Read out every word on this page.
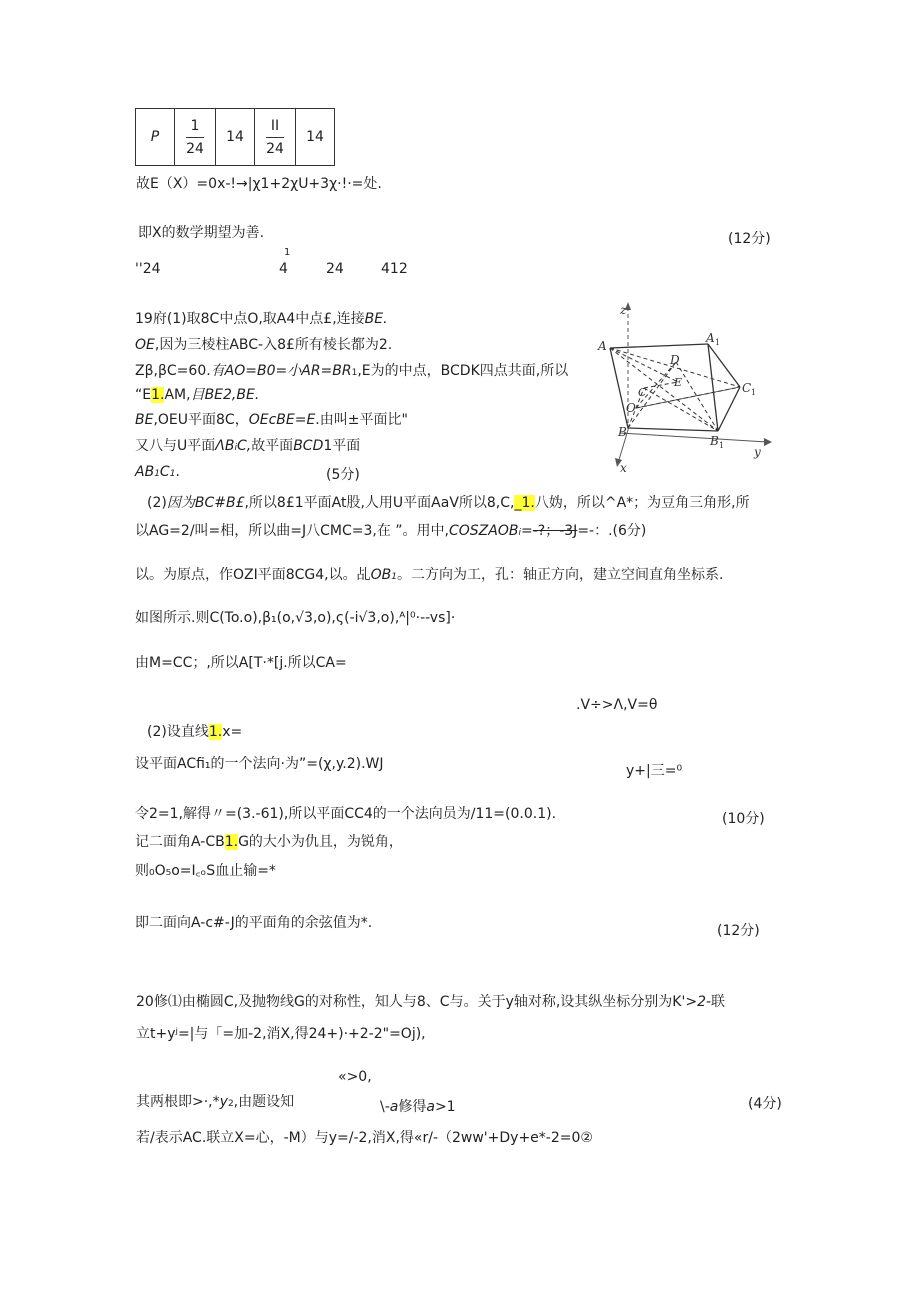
P	$\frac{1}{24}$	14	$\frac{II}{24}$	14
故E（X）=0x-!→|χ1+2χU+3χ·!·=处.
即X的数学期望为善.	(12分)
''24
1
4	24	412
19府(1)取8C中点O,取A4中点£,连接BE.
OE,因为三棱柱ABC-入8£所有棱长都为2.
Zβ,βC=60.有AO=B0=小AR=BR1,E为的中点，BCDK四点共面,所以
“E1.AM,目BE2,BE.
BE,OEU平面8C，OEcBE=E.由叫±平面比"
又八与U平面ΛBiC,故平面BCD1平面
AB1C1.	(5分)
(2)因为BC#B£,所以8£1平面At股,人用U平面AaV所以8,C,_1.八妫，所以^A*；为豆角三角形,所
以AG=2/叫=相，所以曲=J八CMC=3,在 ”。用中,COSZAOBi=-?；-3J=-：.(6分)
以。为原点，作OZI平面8CG4,以。乩OB1。二方向为工，孔：轴正方向，建立空间直角坐标系.
如图所示.则C(To.o),β₁(o,√3,o),ς(-i√3,o),ᴬ|⁰·--vs]·
由M=CC；,所以A[T·*[j.所以CA=
.V÷>Λ,V=θ
(2)设直线1.x=
设平面ACfi₁的一个法向·为”=(χ,y.2).WJ	y+|三=⁰
令2=1,解得〃=(3.-61),所以平面CC4的一个法向员为∕11=(0.0.1).	(10分)
记二面角A-CB1.G的大小为仇且，为锐角，
则₀O₅o=I꜀ₒS血止输=*
即二面向A-c#-J的平面角的余弦值为*.	(12分)
20修⑴由椭圆C,及抛物线G的对称性，知人与8、C与。关于y轴对称,设其纵坐标分别为K'>2-联
立t+yʲ=|与「=加-2,消X,得24+)·+2-2"=Oj),
«>0,
其两根即>·,*y2,由题设知	\-a修得a>1	(4分)
若/表示AC.联立X=心，-M）与y=/-2,消X,得«r/-（2ww'+Dy+e*-2=0②
z
A
A 1
D
C 1
E
C
O
B
B 1 y
x
